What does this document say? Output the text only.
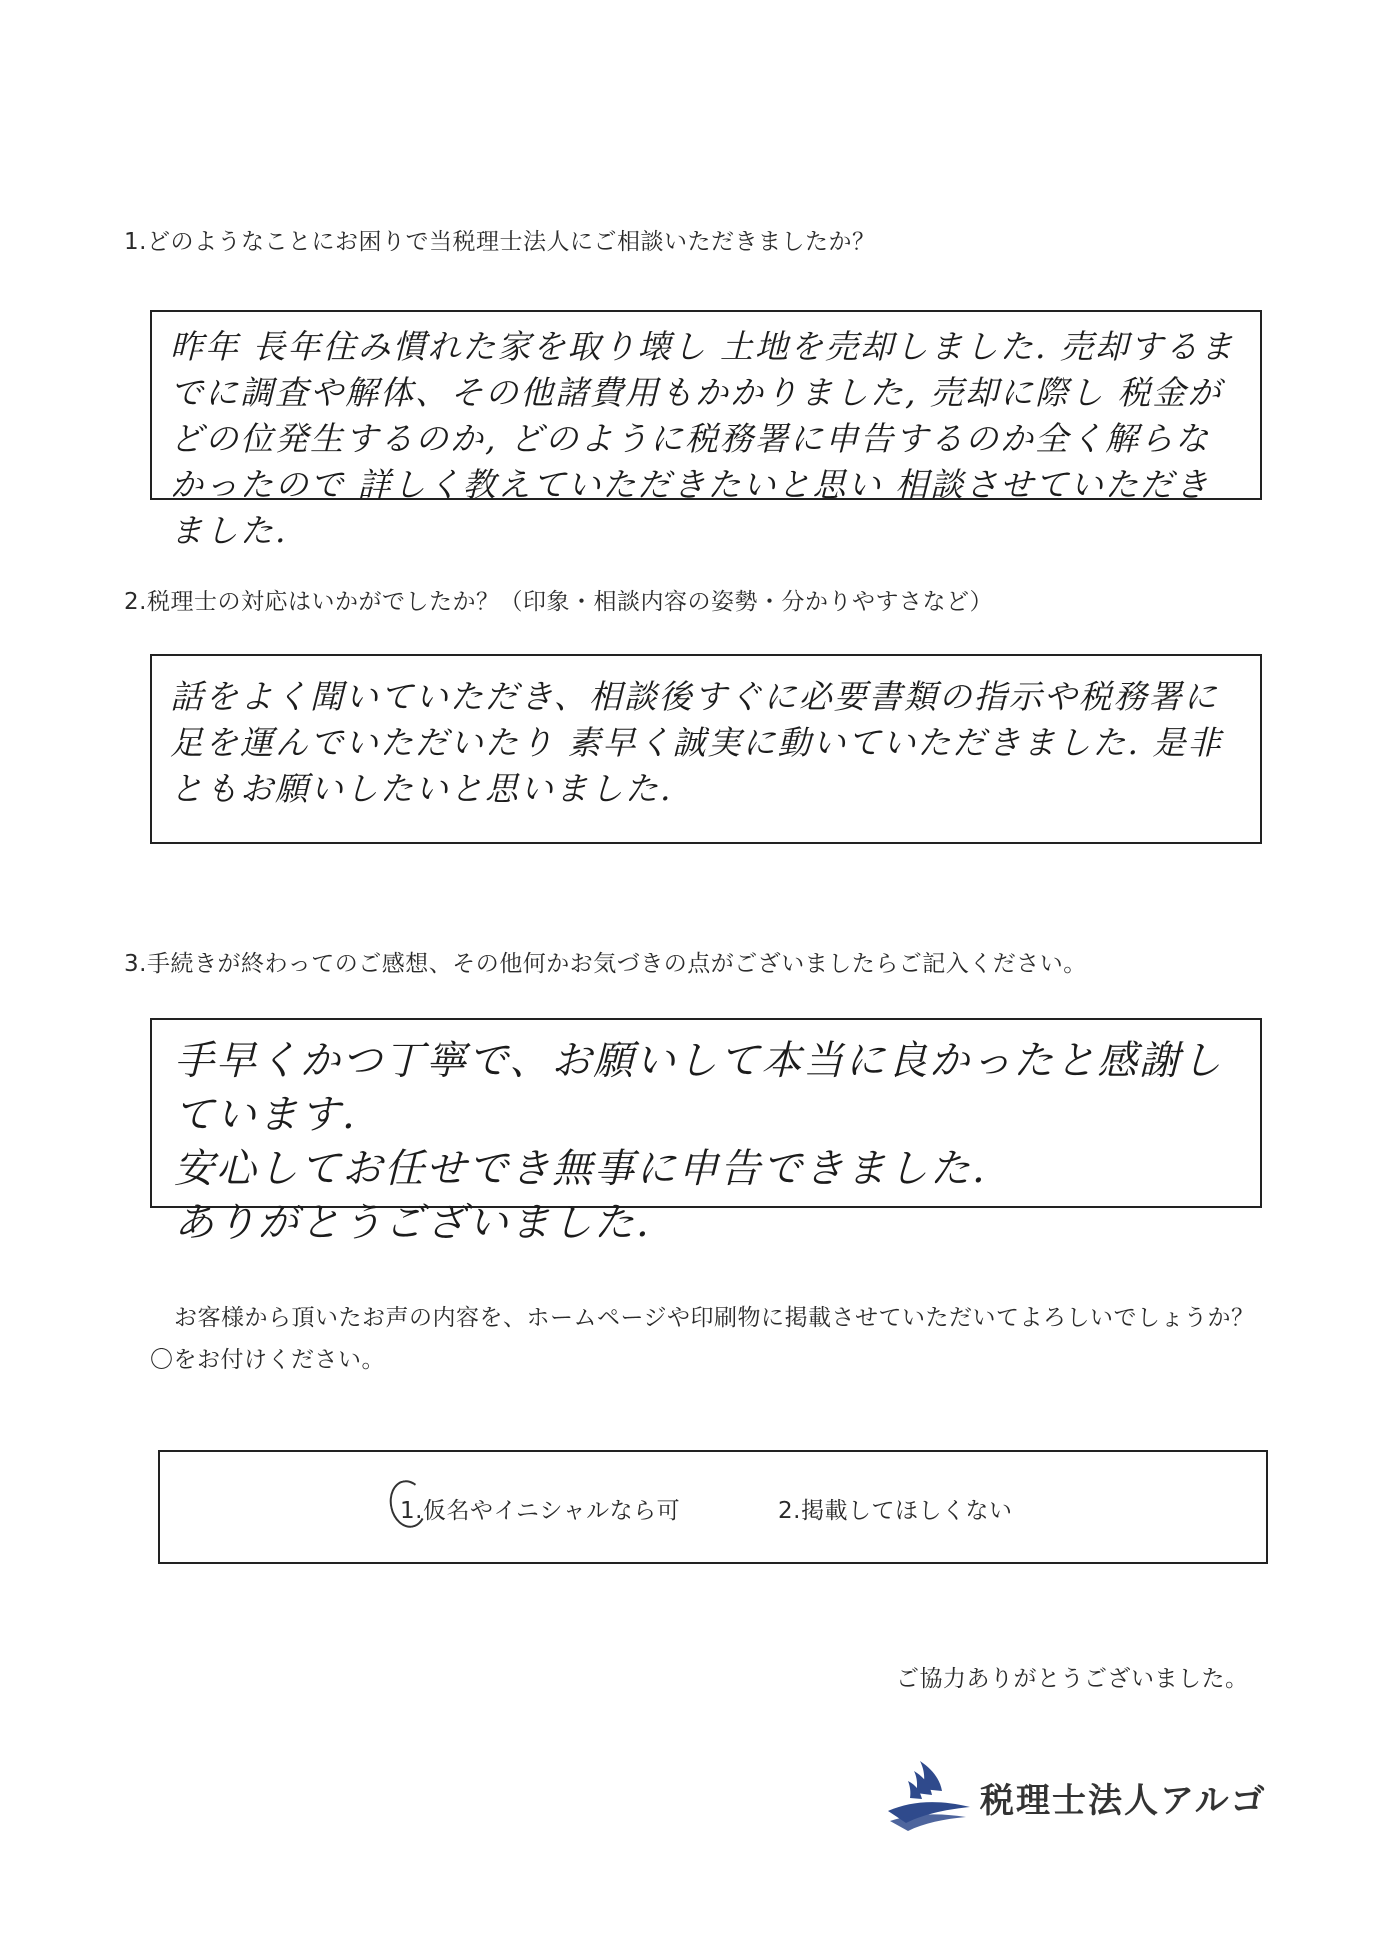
1.どのようなことにお困りで当税理士法人にご相談いただきましたか？
昨年 長年住み慣れた家を取り壊し 土地を売却しました. 売却するまでに調査や解体、その他諸費用もかかりました, 売却に際し 税金がどの位発生するのか, どのように税務署に申告するのか全く解らなかったので 詳しく教えていただきたいと思い 相談させていただきました.
2.税理士の対応はいかがでしたか？（印象・相談内容の姿勢・分かりやすさなど）
話をよく聞いていただき、相談後すぐに必要書類の指示や税務署に足を運んでいただいたり 素早く誠実に動いていただきました. 是非ともお願いしたいと思いました.
3.手続きが終わってのご感想、その他何かお気づきの点がございましたらご記入ください。
手早くかつ丁寧で、お願いして本当に良かったと感謝しています.
安心してお任せでき無事に申告できました.
ありがとうございました.
お客様から頂いたお声の内容を、ホームページや印刷物に掲載させていただいてよろしいでしょうか？〇をお付けください。
1.仮名やイニシャルなら可	2.掲載してほしくない
ご協力ありがとうございました。
税理士法人アルゴ
